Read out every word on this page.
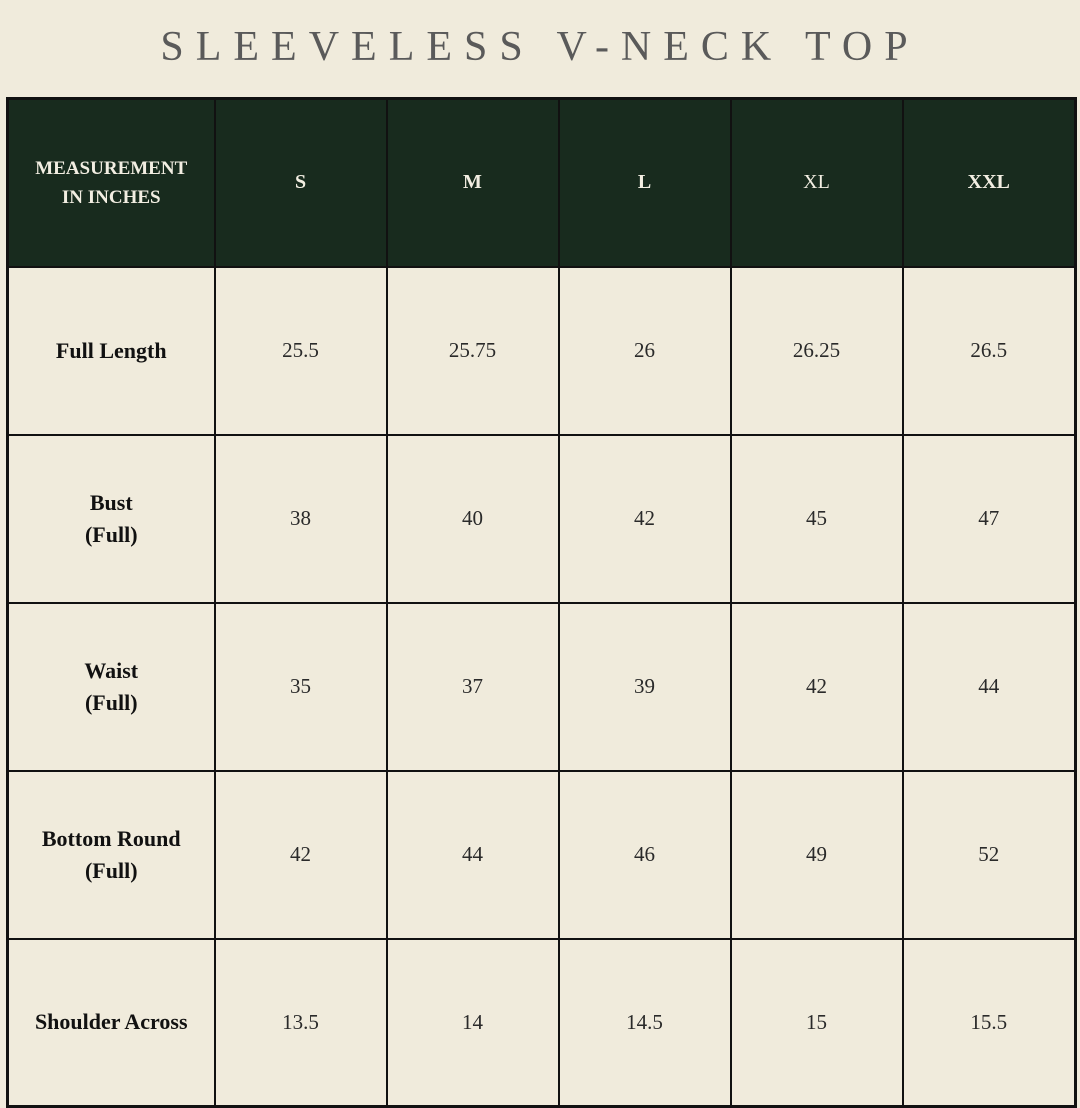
SLEEVELESS V-NECK TOP
MEASUREMENT
IN INCHES	S	M	L	XL	XXL

Full Length	25.5	25.75	26	26.25	26.5

Bust
(Full)	38	40	42	45	47

Waist
(Full)	35	37	39	42	44

Bottom Round
(Full)	42	44	46	49	52

Shoulder Across	13.5	14	14.5	15	15.5
